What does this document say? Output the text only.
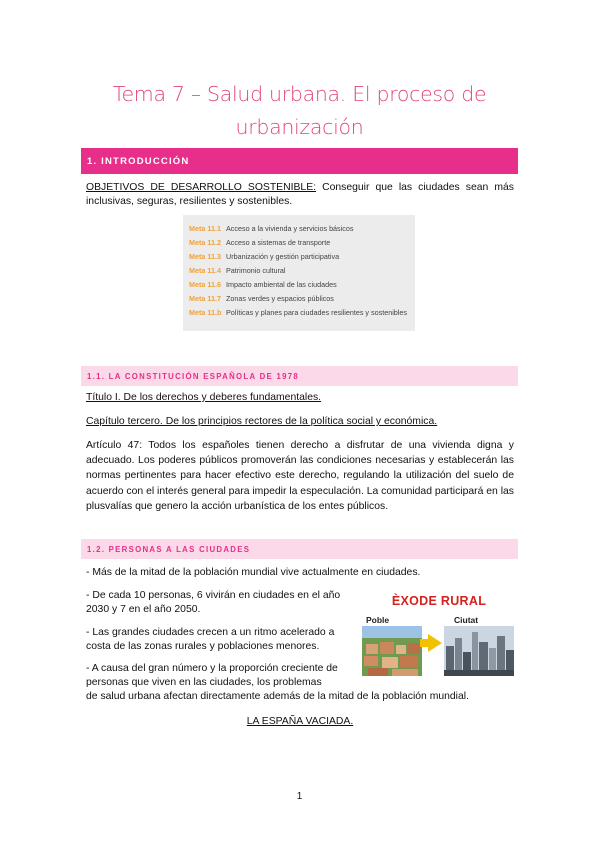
Tema 7 – Salud urbana. El proceso de
urbanización
1. INTRODUCCIÓN
OBJETIVOS DE DESARROLLO SOSTENIBLE: Conseguir que las ciudades sean más inclusivas, seguras, resilientes y sostenibles.
Meta 11.1 Acceso a la vivienda y servicios básicos
Meta 11.2 Acceso a sistemas de transporte
Meta 11.3 Urbanización y gestión participativa
Meta 11.4 Patrimonio cultural
Meta 11.6 Impacto ambiental de las ciudades
Meta 11.7 Zonas verdes y espacios públicos
Meta 11.b Políticas y planes para ciudades resilientes y sostenibles
1.1. LA CONSTITUCIÓN ESPAÑOLA DE 1978
Título I. De los derechos y deberes fundamentales.
Capítulo tercero. De los principios rectores de la política social y económica.
Artículo 47: Todos los españoles tienen derecho a disfrutar de una vivienda digna y adecuado. Los poderes públicos promoverán las condiciones necesarias y establecerán las normas pertinentes para hacer efectivo este derecho, regulando la utilización del suelo de acuerdo con el interés general para impedir la especulación. La comunidad participará en las plusvalías que genero la acción urbanística de los entes públicos.
1.2. PERSONAS A LAS CIUDADES
- Más de la mitad de la población mundial vive actualmente en ciudades.
- De cada 10 personas, 6 vivirán en ciudades en el año 2030 y 7 en el año 2050.
- Las grandes ciudades crecen a un ritmo acelerado a costa de las zonas rurales y poblaciones menores.
- A causa del gran número y la proporción creciente de personas que viven en las ciudades, los problemas
de salud urbana afectan directamente además de la mitad de la población mundial.
LA ESPAÑA VACIADA.
ÈXODE RURAL
Poble	Ciutat
1
